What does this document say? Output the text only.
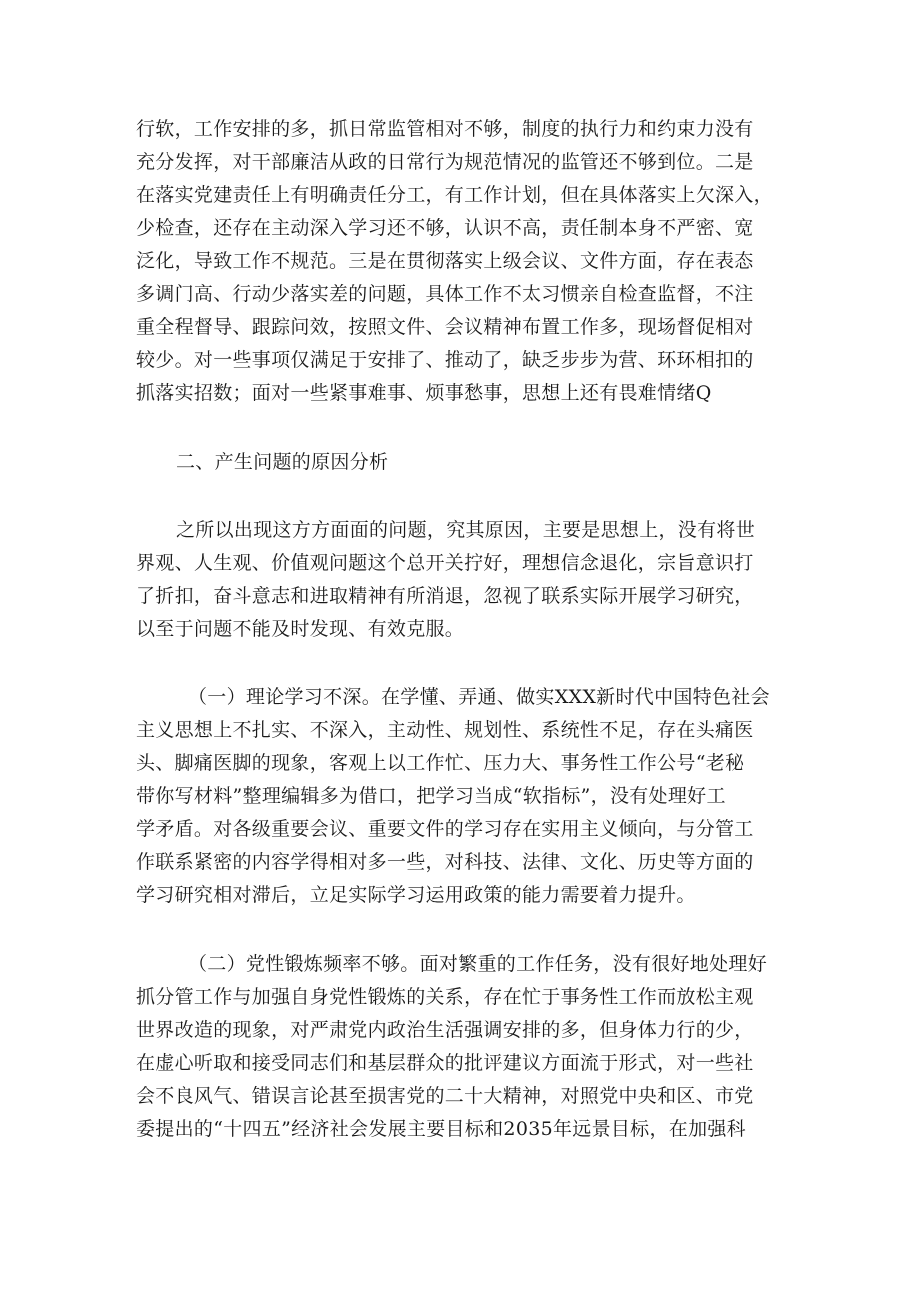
行软，工作安排的多，抓日常监管相对不够，制度的执行力和约束力没有
充分发挥，对干部廉洁从政的日常行为规范情况的监管还不够到位。二是
在落实党建责任上有明确责任分工，有工作计划，但在具体落实上欠深入，
少检查，还存在主动深入学习还不够，认识不高，责任制本身不严密、宽
泛化，导致工作不规范。三是在贯彻落实上级会议、文件方面，存在表态
多调门高、行动少落实差的问题，具体工作不太习惯亲自检查监督，不注
重全程督导、跟踪问效，按照文件、会议精神布置工作多，现场督促相对
较少。对一些事项仅满足于安排了、推动了，缺乏步步为营、环环相扣的
抓落实招数；面对一些紧事难事、烦事愁事，思想上还有畏难情绪Q
二、产生问题的原因分析
之所以出现这方方面面的问题，究其原因，主要是思想上，没有将世
界观、人生观、价值观问题这个总开关拧好，理想信念退化，宗旨意识打
了折扣，奋斗意志和进取精神有所消退，忽视了联系实际开展学习研究，
以至于问题不能及时发现、有效克服。
（一）理论学习不深。在学懂、弄通、做实XXX新时代中国特色社会
主义思想上不扎实、不深入，主动性、规划性、系统性不足，存在头痛医
头、脚痛医脚的现象，客观上以工作忙、压力大、事务性工作公号“老秘
带你写材料”整理编辑多为借口，把学习当成“软指标”，没有处理好工
学矛盾。对各级重要会议、重要文件的学习存在实用主义倾向，与分管工
作联系紧密的内容学得相对多一些，对科技、法律、文化、历史等方面的
学习研究相对滞后，立足实际学习运用政策的能力需要着力提升。
（二）党性锻炼频率不够。面对繁重的工作任务，没有很好地处理好
抓分管工作与加强自身党性锻炼的关系，存在忙于事务性工作而放松主观
世界改造的现象，对严肃党内政治生活强调安排的多，但身体力行的少，
在虚心听取和接受同志们和基层群众的批评建议方面流于形式，对一些社
会不良风气、错误言论甚至损害党的二十大精神，对照党中央和区、市党
委提出的“十四五”经济社会发展主要目标和2035年远景目标，在加强科
